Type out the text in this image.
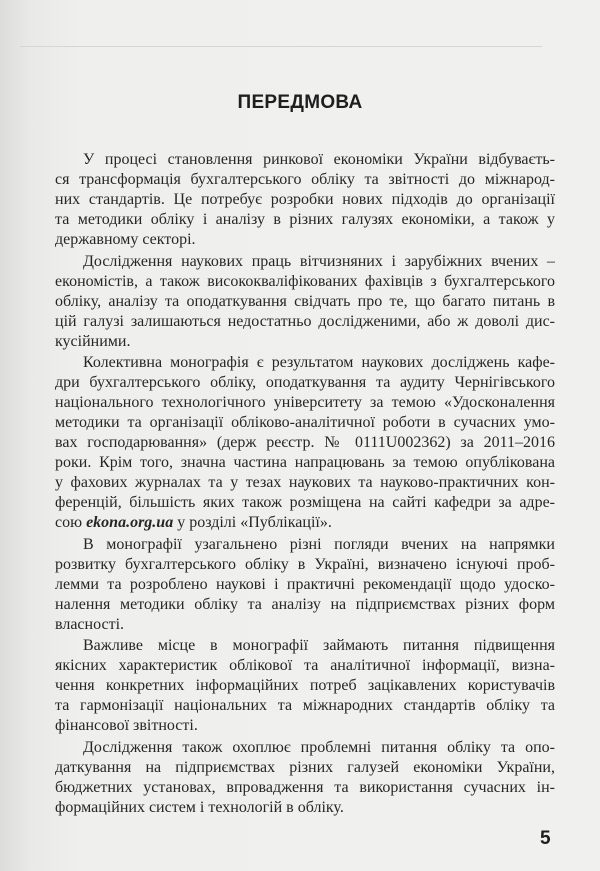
ПЕРЕДМОВА
У процесі становлення ринкової економіки України відбуваєть-
ся трансформація бухгалтерського обліку та звітності до міжнарод-
них стандартів. Це потребує розробки нових підходів до організації
та методики обліку і аналізу в різних галузях економіки, а також у
державному секторі.
Дослідження наукових праць вітчизняних і зарубіжних вчених –
економістів, а також висококваліфікованих фахівців з бухгалтерського
обліку, аналізу та оподаткування свідчать про те, що багато питань в
цій галузі залишаються недостатньо дослідженими, або ж доволі дис-
кусійними.
Колективна монографія є результатом наукових досліджень кафе-
дри бухгалтерського обліку, оподаткування та аудиту Чернігівського
національного технологічного університету за темою «Удосконалення
методики та організації обліково-аналітичної роботи в сучасних умо-
вах господарювання» (держ реєстр. № 0111U002362) за 2011–2016
роки. Крім того, значна частина напрацювань за темою опублікована
у фахових журналах та у тезах наукових та науково-практичних кон-
ференцій, більшість яких також розміщена на сайті кафедри за адре-
сою ekona.org.ua у розділі «Публікації».
В монографії узагальнено різні погляди вчених на напрямки
розвитку бухгалтерського обліку в Україні, визначено існуючі проб-
лемми та розроблено наукові і практичні рекомендації щодо удоско-
налення методики обліку та аналізу на підприємствах різних форм
власності.
Важливе місце в монографії займають питання підвищення
якісних характеристик облікової та аналітичної інформації, визна-
чення конкретних інформаційних потреб зацікавлених користувачів
та гармонізації національних та міжнародних стандартів обліку та
фінансової звітності.
Дослідження також охоплює проблемні питання обліку та опо-
даткування на підприємствах різних галузей економіки України,
бюджетних установах, впровадження та використання сучасних ін-
формаційних систем і технологій в обліку.
5
